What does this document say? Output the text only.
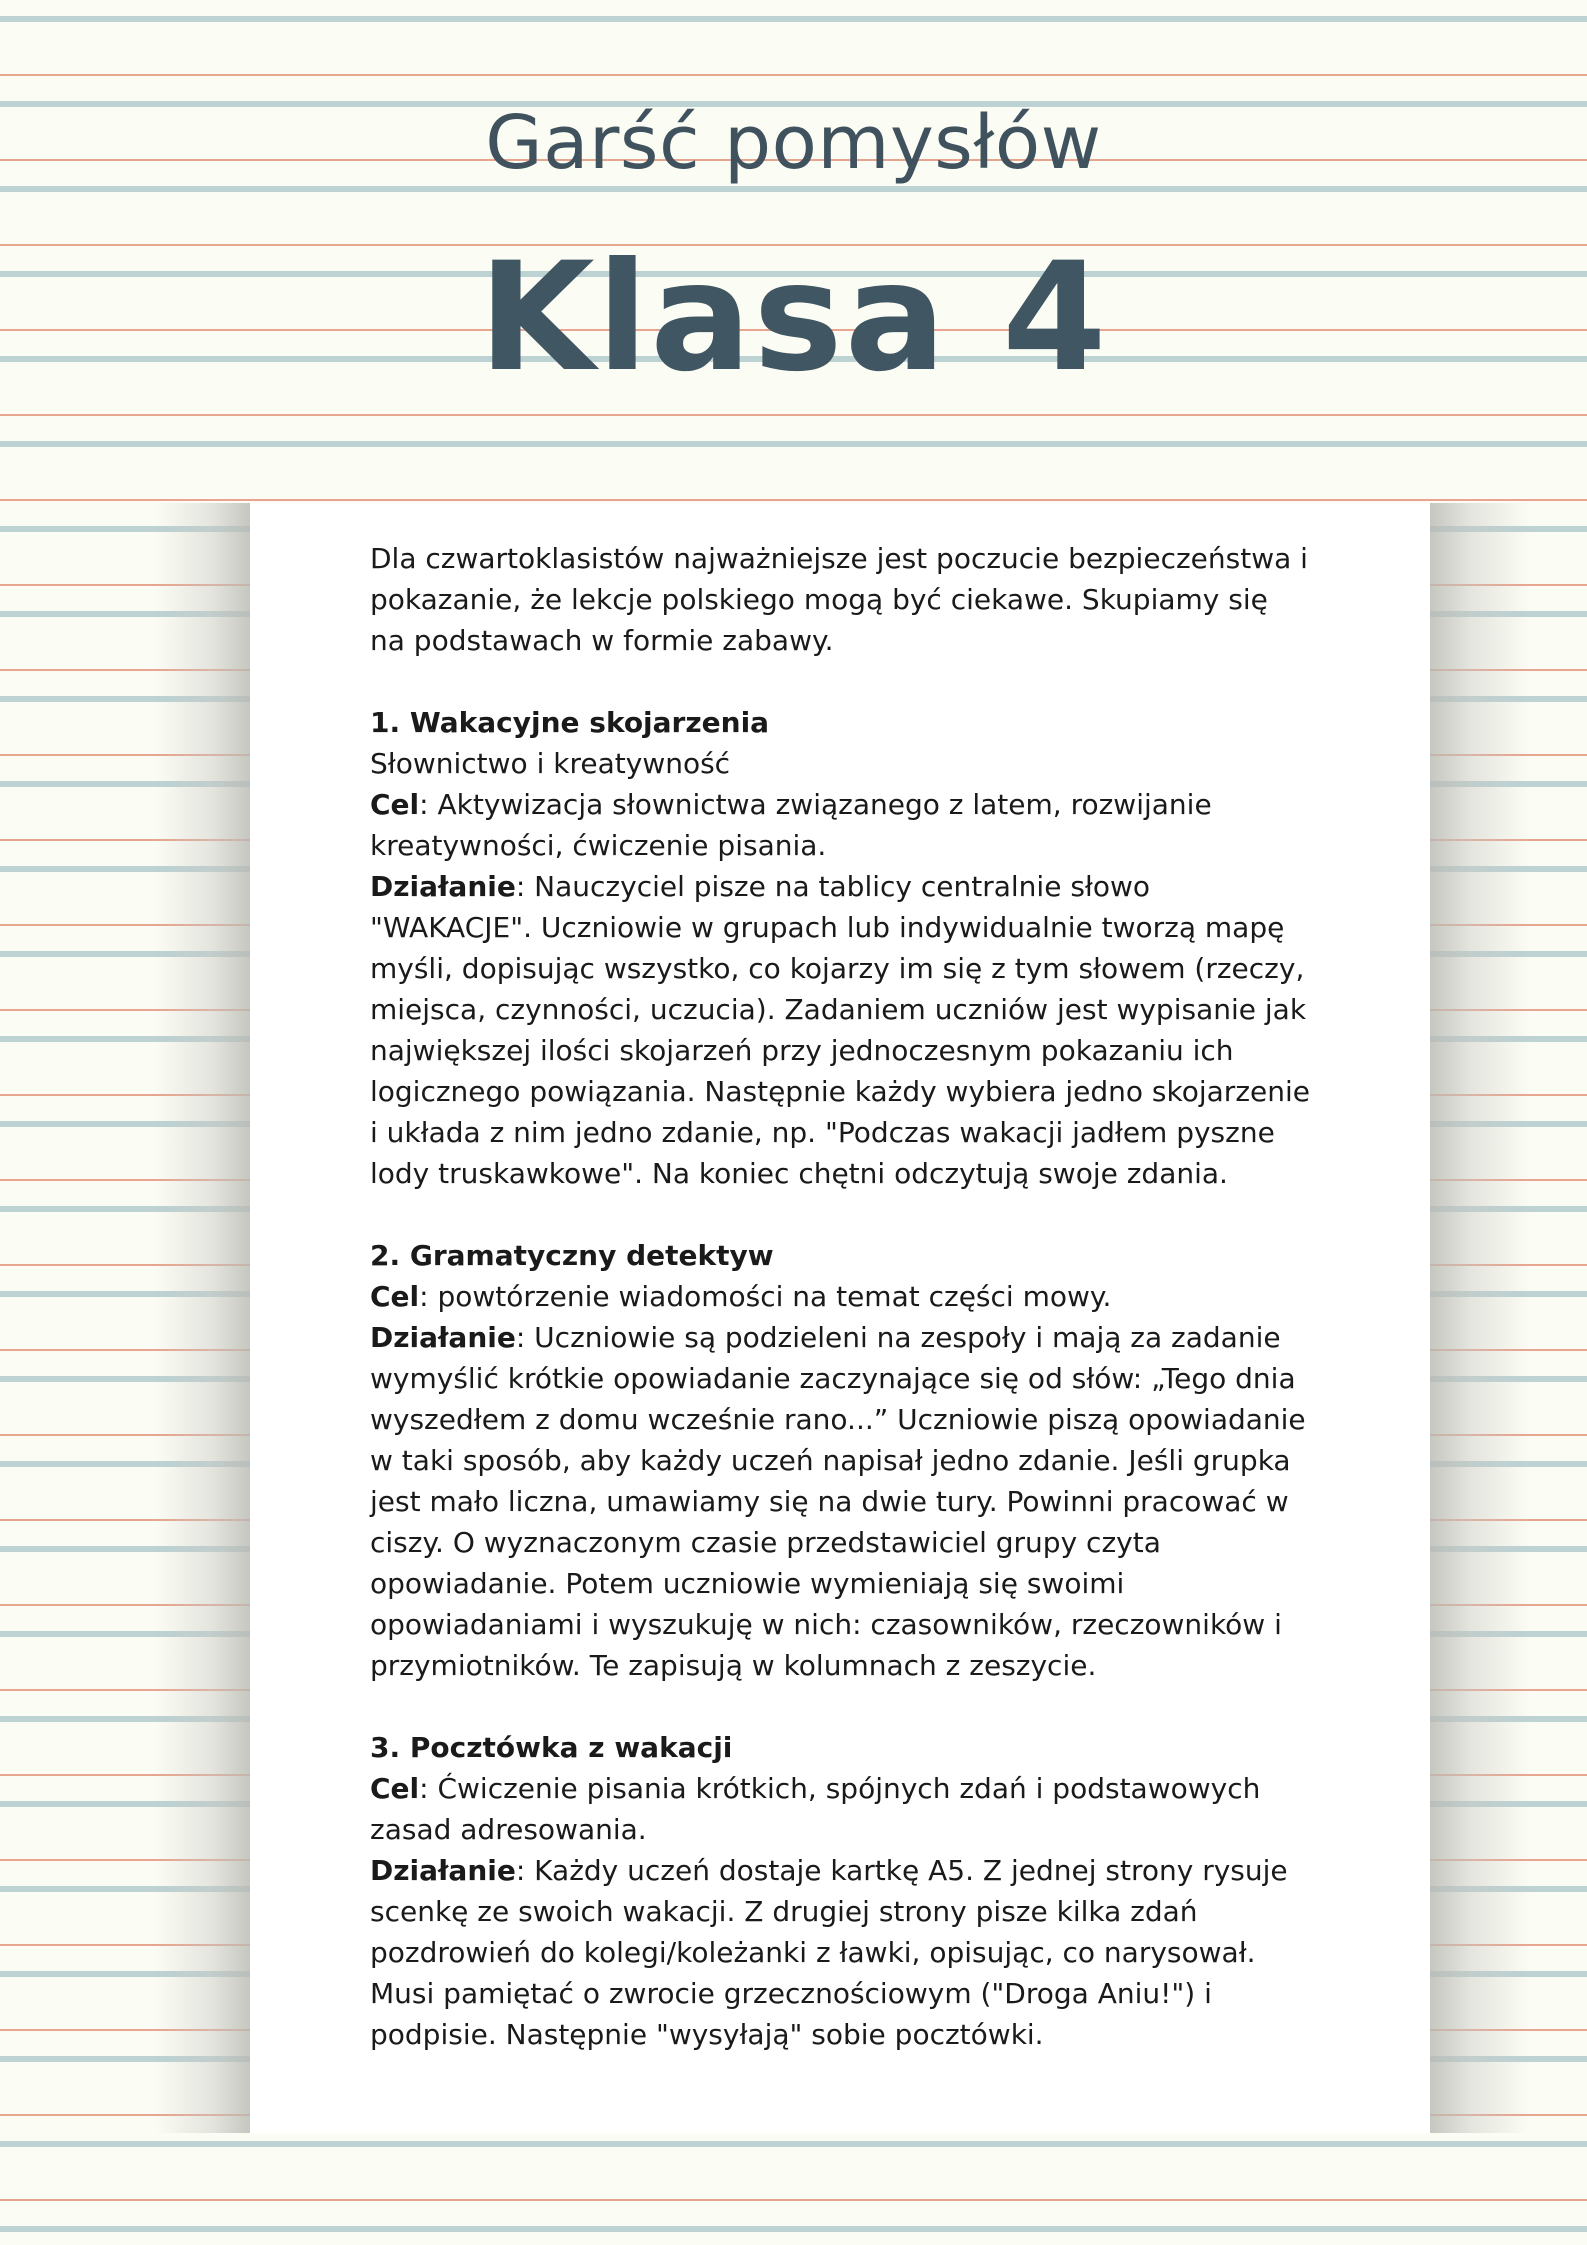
Garść pomysłów
Klasa 4

Dla czwartoklasistów najważniejsze jest poczucie bezpieczeństwa i pokazanie, że lekcje polskiego mogą być ciekawe. Skupiamy się na podstawach w formie zabawy.

1. Wakacyjne skojarzenia

Słownictwo i kreatywność

Cel: Aktywizacja słownictwa związanego z latem, rozwijanie kreatywności, ćwiczenie pisania.

Działanie: Nauczyciel pisze na tablicy centralnie słowo "WAKACJE". Uczniowie w grupach lub indywidualnie tworzą mapę myśli, dopisując wszystko, co kojarzy im się z tym słowem (rzeczy, miejsca, czynności, uczucia). Zadaniem uczniów jest wypisanie jak największej ilości skojarzeń przy jednoczesnym pokazaniu ich logicznego powiązania. Następnie każdy wybiera jedno skojarzenie i układa z nim jedno zdanie, np. "Podczas wakacji jadłem pyszne lody truskawkowe". Na koniec chętni odczytują swoje zdania.

2. Gramatyczny detektyw

Cel: powtórzenie wiadomości na temat części mowy.

Działanie: Uczniowie są podzieleni na zespoły i mają za zadanie wymyślić krótkie opowiadanie zaczynające się od słów: „Tego dnia wyszedłem z domu wcześnie rano...” Uczniowie piszą opowiadanie w taki sposób, aby każdy uczeń napisał jedno zdanie. Jeśli grupka jest mało liczna, umawiamy się na dwie tury. Powinni pracować w ciszy. O wyznaczonym czasie przedstawiciel grupy czyta opowiadanie. Potem uczniowie wymieniają się swoimi opowiadaniami i wyszukuję w nich: czasowników, rzeczowników i przymiotników. Te zapisują w kolumnach z zeszycie.

3. Pocztówka z wakacji

Cel: Ćwiczenie pisania krótkich, spójnych zdań i podstawowych zasad adresowania.

Działanie: Każdy uczeń dostaje kartkę A5. Z jednej strony rysuje scenkę ze swoich wakacji. Z drugiej strony pisze kilka zdań pozdrowień do kolegi/koleżanki z ławki, opisując, co narysował. Musi pamiętać o zwrocie grzecznościowym ("Droga Aniu!") i podpisie. Następnie "wysyłają" sobie pocztówki.
